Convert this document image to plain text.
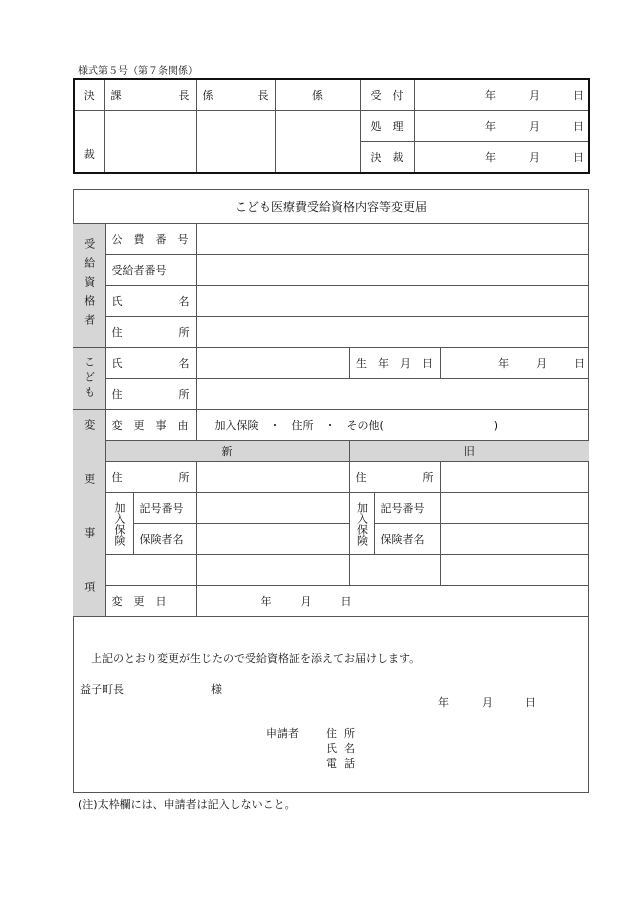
様式第５号（第７条関係）
決	課 長	係 長	係	受 付	年 月 日

裁				処 理	年 月 日

				決 裁	年 月 日
こども医療費受給資格内容等変更届						

受給資格者	公　費　番　号					
	受給者番号					

	氏 名					

	住 所					

こども	氏 名			生　年　月　日		年 月 日

	住 所					

変　更　事　項	変　更　事　由		加入保険　・　住所　・　その他( )			
	新			旧		

	住 所			住 所		

	加入保険	記号番号		加入保険	記号番号	
		保険者名			保険者名	

	変　更　日		年 月 日			
上記のとおり変更が生じたので受給資格証を添えてお届けします。
益子町長	様
年	月	日
申請者 住 所
氏 名
電 話
(注)太枠欄には、申請者は記入しないこと。
